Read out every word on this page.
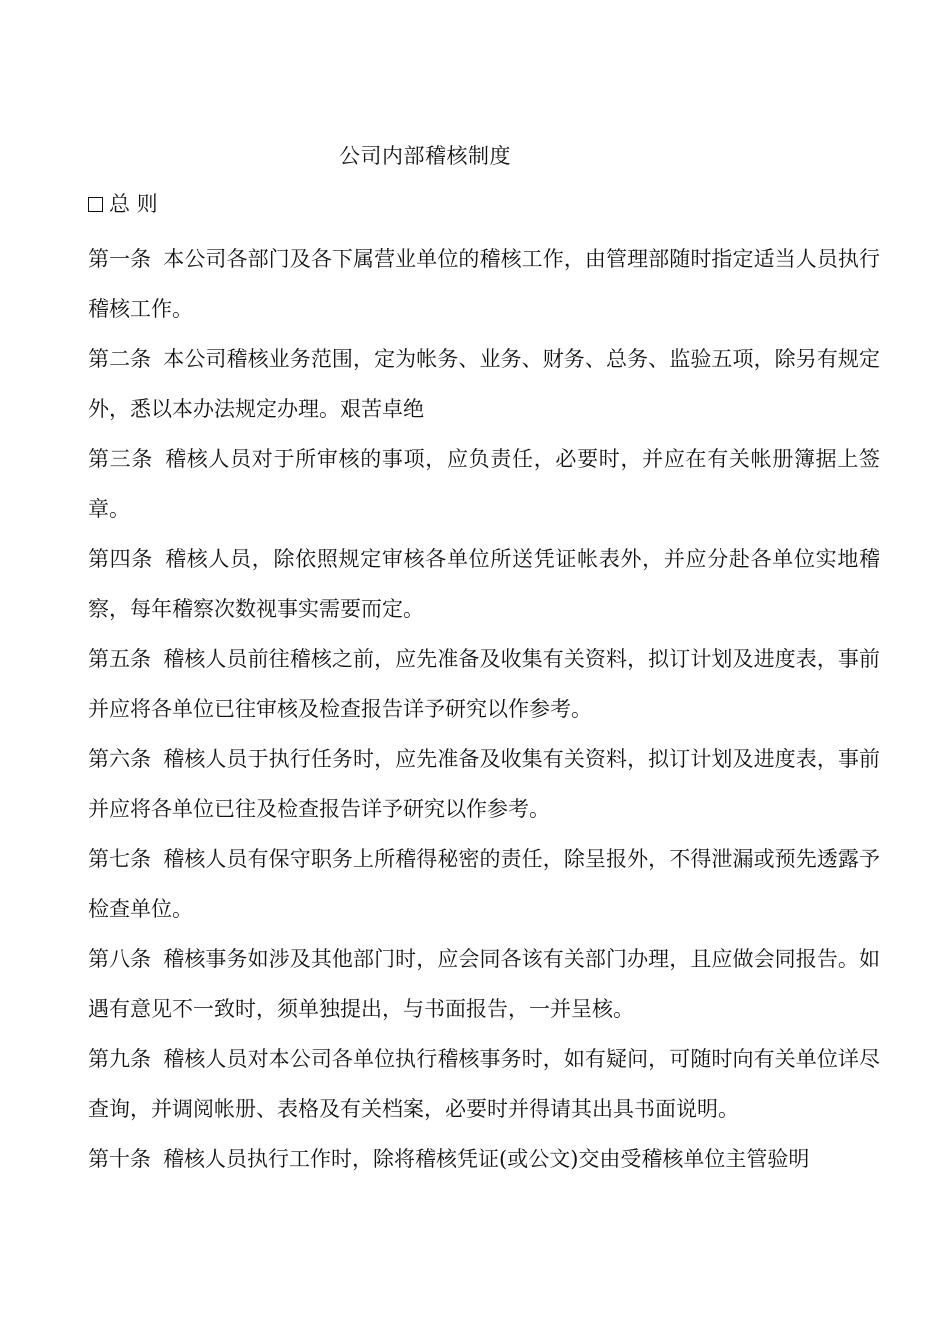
公司内部稽核制度
总 则

第一条 本公司各部门及各下属营业单位的稽核工作，由管理部随时指定适当人员执行稽核工作。

第二条 本公司稽核业务范围，定为帐务、业务、财务、总务、监验五项，除另有规定外，悉以本办法规定办理。艰苦卓绝

第三条 稽核人员对于所审核的事项，应负责任，必要时，并应在有关帐册簿据上签章。

第四条 稽核人员，除依照规定审核各单位所送凭证帐表外，并应分赴各单位实地稽察，每年稽察次数视事实需要而定。

第五条 稽核人员前往稽核之前，应先准备及收集有关资料，拟订计划及进度表，事前并应将各单位已往审核及检查报告详予研究以作参考。

第六条 稽核人员于执行任务时，应先准备及收集有关资料，拟订计划及进度表，事前并应将各单位已往及检查报告详予研究以作参考。

第七条 稽核人员有保守职务上所稽得秘密的责任，除呈报外，不得泄漏或预先透露予检查单位。

第八条 稽核事务如涉及其他部门时，应会同各该有关部门办理，且应做会同报告。如遇有意见不一致时，须单独提出，与书面报告，一并呈核。

第九条 稽核人员对本公司各单位执行稽核事务时，如有疑问，可随时向有关单位详尽查询，并调阅帐册、表格及有关档案，必要时并得请其出具书面说明。

第十条 稽核人员执行工作时，除将稽核凭证(或公文)交由受稽核单位主管验明
